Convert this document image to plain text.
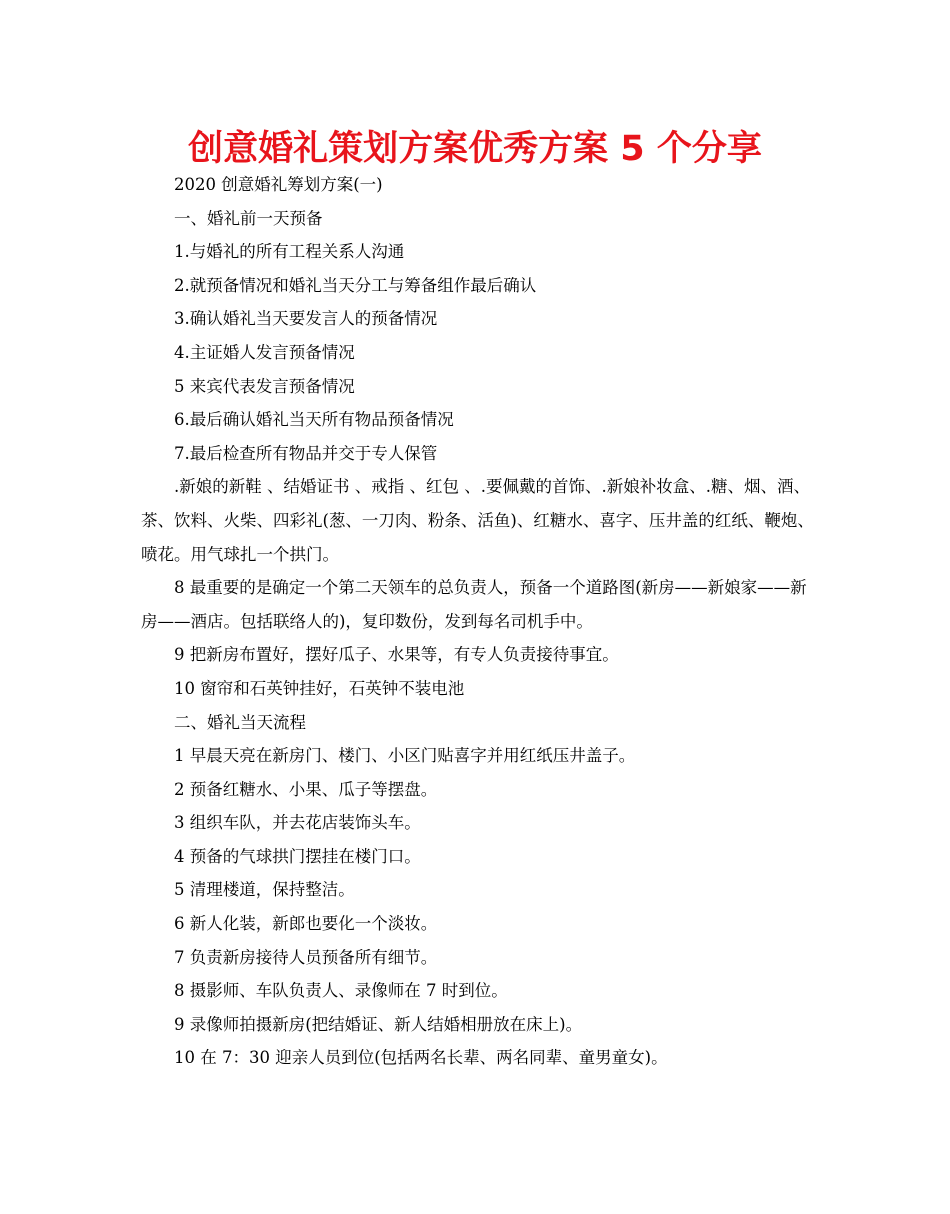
创意婚礼策划方案优秀方案 5 个分享

2020 创意婚礼筹划方案(一)

一、婚礼前一天预备

1.与婚礼的所有工程关系人沟通

2.就预备情况和婚礼当天分工与筹备组作最后确认

3.确认婚礼当天要发言人的预备情况

4.主证婚人发言预备情况

5 来宾代表发言预备情况

6.最后确认婚礼当天所有物品预备情况

7.最后检查所有物品并交于专人保管

.新娘的新鞋 、结婚证书 、戒指 、红包 、.要佩戴的首饰、.新娘补妆盒、.糖、烟、酒、茶、饮料、火柴、四彩礼(葱、一刀肉、粉条、活鱼)、红糖水、喜字、压井盖的红纸、鞭炮、喷花。用气球扎一个拱门。

8 最重要的是确定一个第二天领车的总负责人，预备一个道路图(新房——新娘家——新房——酒店。包括联络人的)，复印数份，发到每名司机手中。

9 把新房布置好，摆好瓜子、水果等，有专人负责接待事宜。

10 窗帘和石英钟挂好，石英钟不装电池

二、婚礼当天流程

1 早晨天亮在新房门、楼门、小区门贴喜字并用红纸压井盖子。

2 预备红糖水、小果、瓜子等摆盘。

3 组织车队，并去花店装饰头车。

4 预备的气球拱门摆挂在楼门口。

5 清理楼道，保持整洁。

6 新人化装，新郎也要化一个淡妆。

7 负责新房接待人员预备所有细节。

8 摄影师、车队负责人、录像师在 7 时到位。

9 录像师拍摄新房(把结婚证、新人结婚相册放在床上)。

10 在 7：30 迎亲人员到位(包括两名长辈、两名同辈、童男童女)。
